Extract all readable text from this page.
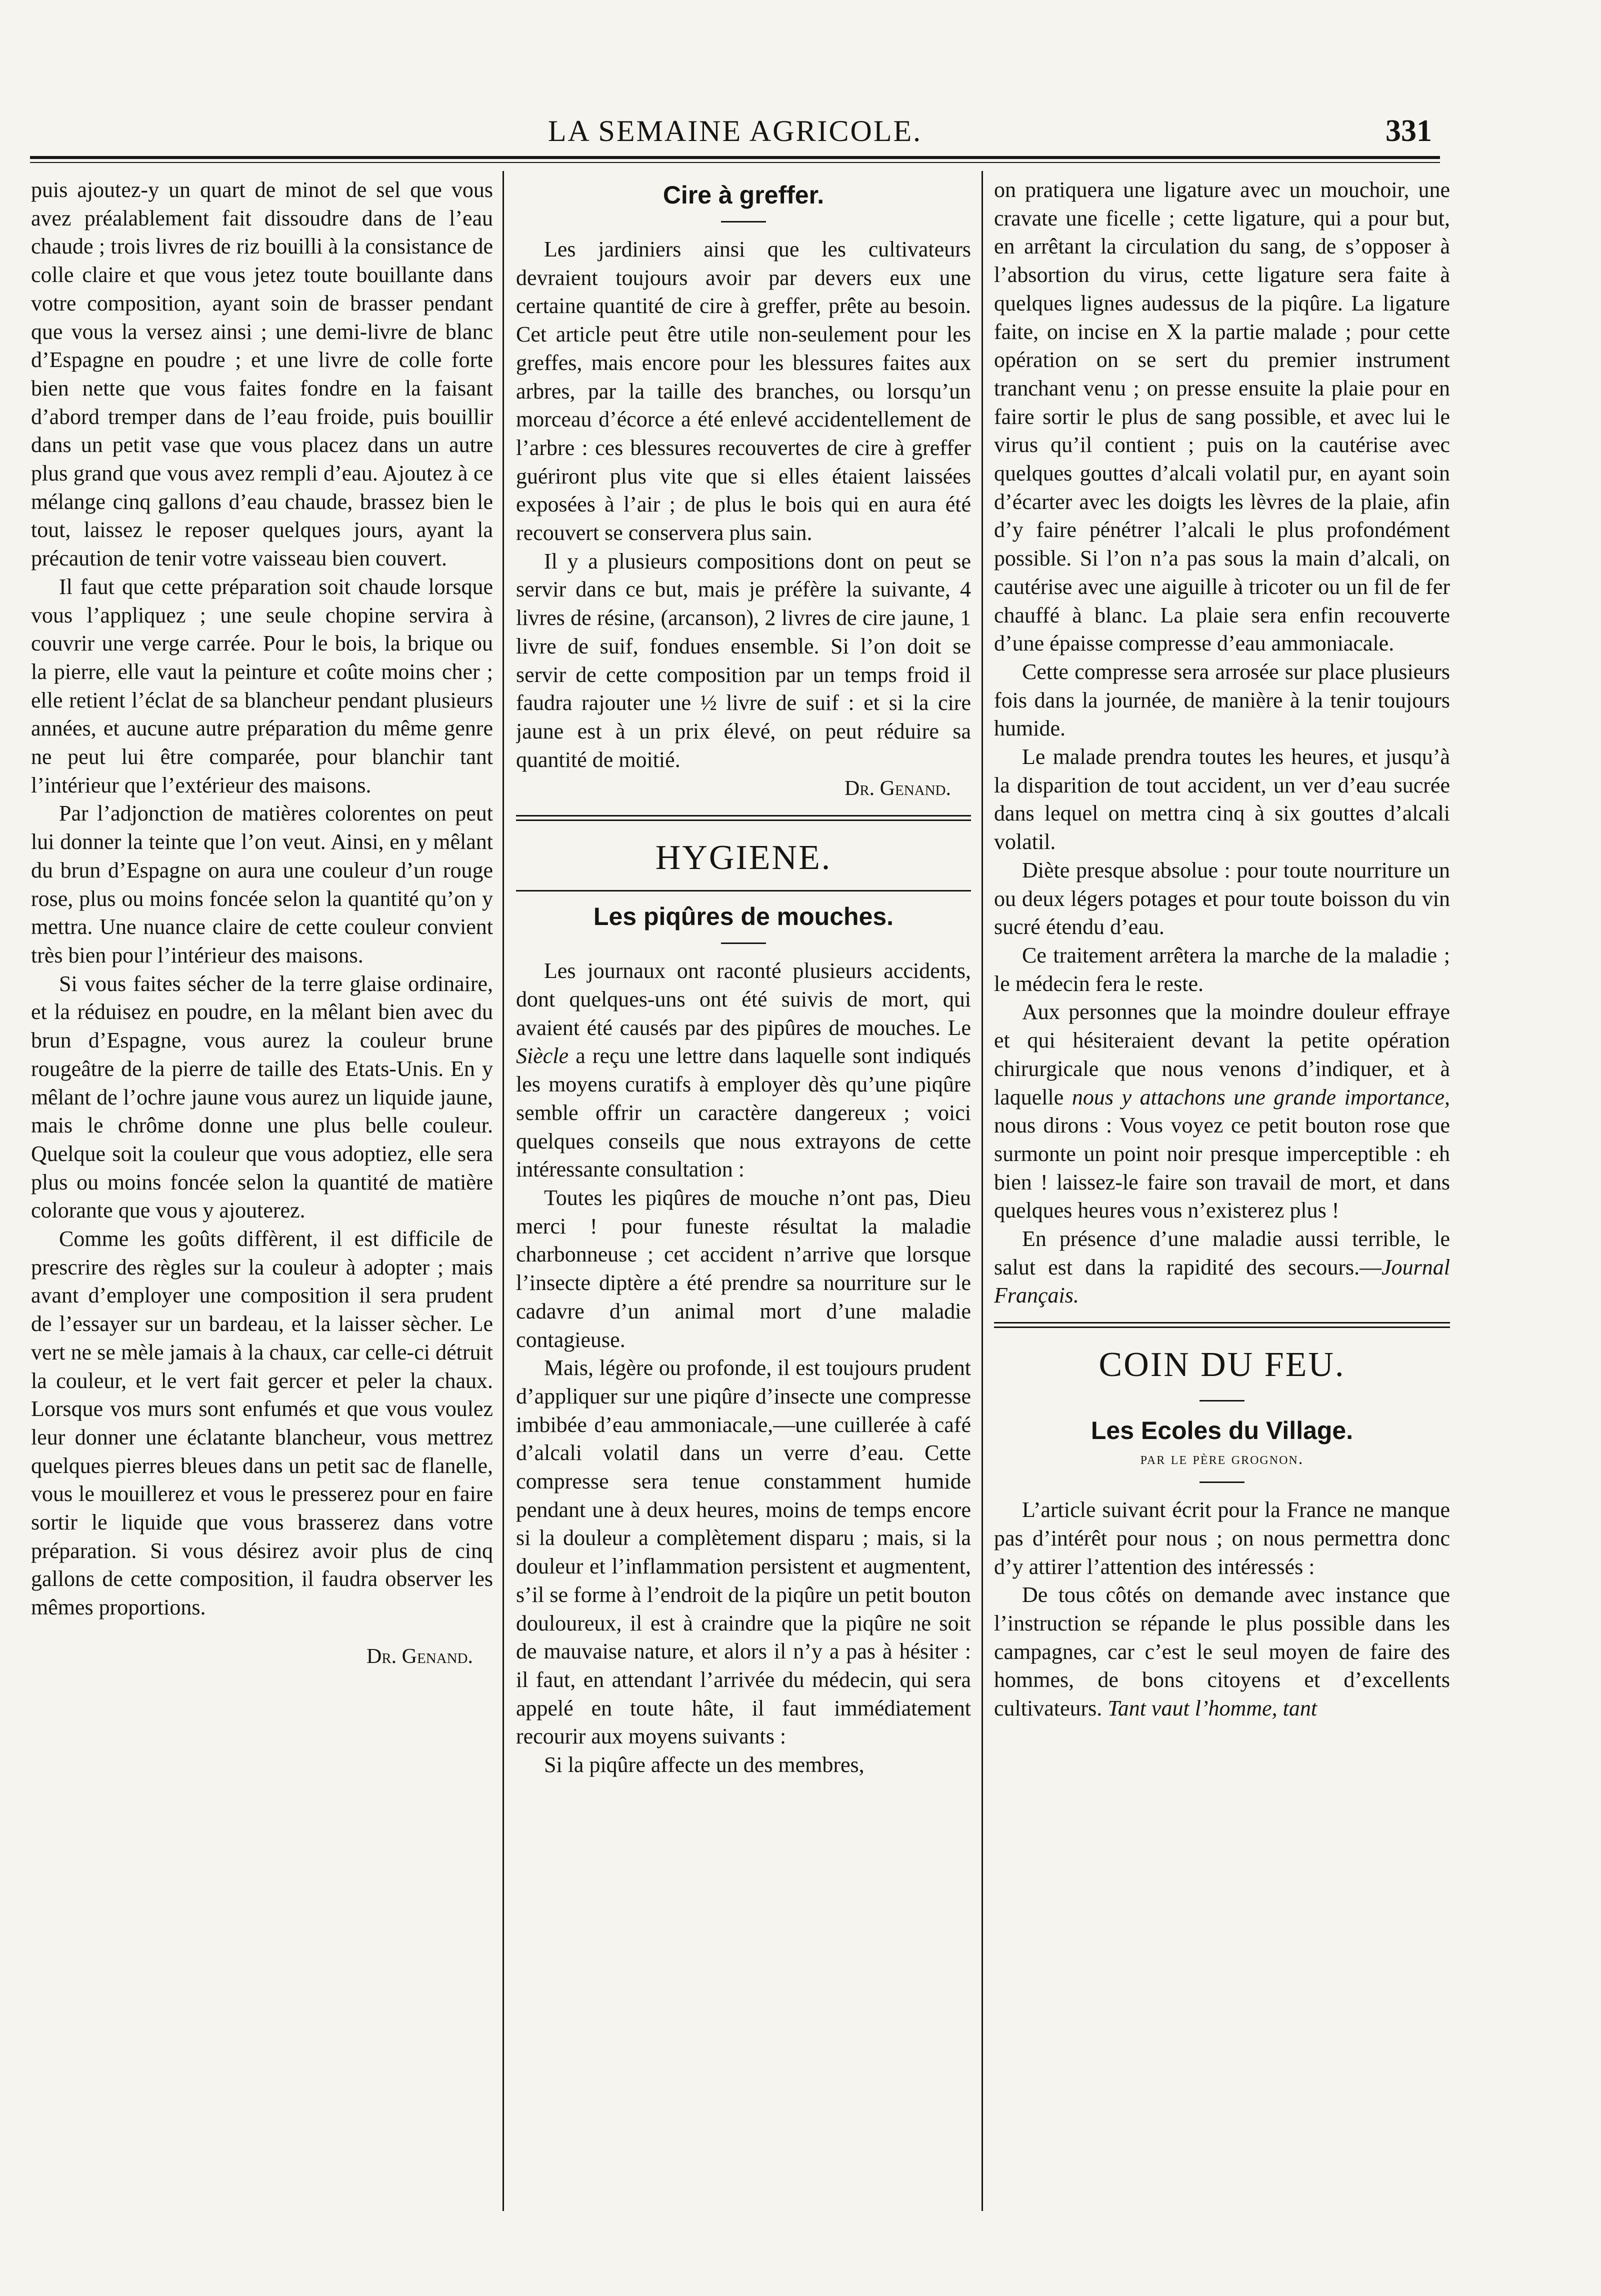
LA SEMAINE AGRICOLE.	331

puis ajoutez-y un quart de minot de sel que vous avez préalablement fait dissoudre dans de l’eau chaude ; trois livres de riz bouilli à la consistance de colle claire et que vous jetez toute bouillante dans votre composition, ayant soin de brasser pendant que vous la versez ainsi ; une demi-livre de blanc d’Espagne en poudre ; et une livre de colle forte bien nette que vous faites fondre en la faisant d’abord tremper dans de l’eau froide, puis bouillir dans un petit vase que vous placez dans un autre plus grand que vous avez rempli d’eau. Ajoutez à ce mélange cinq gallons d’eau chaude, brassez bien le tout, laissez le reposer quelques jours, ayant la précaution de tenir votre vaisseau bien couvert.

Il faut que cette préparation soit chaude lorsque vous l’appliquez ; une seule chopine servira à couvrir une verge carrée. Pour le bois, la brique ou la pierre, elle vaut la peinture et coûte moins cher ; elle retient l’éclat de sa blancheur pendant plusieurs années, et aucune autre préparation du même genre ne peut lui être comparée, pour blanchir tant l’intérieur que l’extérieur des maisons.

Par l’adjonction de matières colorentes on peut lui donner la teinte que l’on veut. Ainsi, en y mêlant du brun d’Espagne on aura une couleur d’un rouge rose, plus ou moins foncée selon la quantité qu’on y mettra. Une nuance claire de cette couleur convient très bien pour l’intérieur des maisons.

Si vous faites sécher de la terre glaise ordinaire, et la réduisez en poudre, en la mêlant bien avec du brun d’Espagne, vous aurez la couleur brune rougeâtre de la pierre de taille des Etats-Unis. En y mêlant de l’ochre jaune vous aurez un liquide jaune, mais le chrôme donne une plus belle couleur. Quelque soit la couleur que vous adoptiez, elle sera plus ou moins foncée selon la quantité de matière colorante que vous y ajouterez.

Comme les goûts diffèrent, il est difficile de prescrire des règles sur la couleur à adopter ; mais avant d’employer une composition il sera prudent de l’essayer sur un bardeau, et la laisser sècher. Le vert ne se mèle jamais à la chaux, car celle-ci détruit la couleur, et le vert fait gercer et peler la chaux. Lorsque vos murs sont enfumés et que vous voulez leur donner une éclatante blancheur, vous mettrez quelques pierres bleues dans un petit sac de flanelle, vous le mouillerez et vous le presserez pour en faire sortir le liquide que vous brasserez dans votre préparation. Si vous désirez avoir plus de cinq gallons de cette composition, il faudra observer les mêmes proportions.

Dr. Genand.
Cire à greffer.

Les jardiniers ainsi que les cultivateurs devraient toujours avoir par devers eux une certaine quantité de cire à greffer, prête au besoin. Cet article peut être utile non-seulement pour les greffes, mais encore pour les blessures faites aux arbres, par la taille des branches, ou lorsqu’un morceau d’écorce a été enlevé accidentellement de l’arbre : ces blessures recouvertes de cire à greffer guériront plus vite que si elles étaient laissées exposées à l’air ; de plus le bois qui en aura été recouvert se conservera plus sain.

Il y a plusieurs compositions dont on peut se servir dans ce but, mais je préfère la suivante, 4 livres de résine, (arcanson), 2 livres de cire jaune, 1 livre de suif, fondues ensemble. Si l’on doit se servir de cette composition par un temps froid il faudra rajouter une ½ livre de suif : et si la cire jaune est à un prix élevé, on peut réduire sa quantité de moitié.

Dr. Genand.
HYGIENE.
Les piqûres de mouches.

Les journaux ont raconté plusieurs accidents, dont quelques-uns ont été suivis de mort, qui avaient été causés par des pipûres de mouches. Le Siècle a reçu une lettre dans laquelle sont indiqués les moyens curatifs à employer dès qu’une piqûre semble offrir un caractère dangereux ; voici quelques conseils que nous extrayons de cette intéressante consultation :

Toutes les piqûres de mouche n’ont pas, Dieu merci ! pour funeste résultat la maladie charbonneuse ; cet accident n’arrive que lorsque l’insecte diptère a été prendre sa nourriture sur le cadavre d’un animal mort d’une maladie contagieuse.

Mais, légère ou profonde, il est toujours prudent d’appliquer sur une piqûre d’insecte une compresse imbibée d’eau ammoniacale,—une cuillerée à café d’alcali volatil dans un verre d’eau. Cette compresse sera tenue constamment humide pendant une à deux heures, moins de temps encore si la douleur a complètement disparu ; mais, si la douleur et l’inflammation persistent et augmentent, s’il se forme à l’endroit de la piqûre un petit bouton douloureux, il est à craindre que la piqûre ne soit de mauvaise nature, et alors il n’y a pas à hésiter : il faut, en attendant l’arrivée du médecin, qui sera appelé en toute hâte, il faut immédiatement recourir aux moyens suivants :

Si la piqûre affecte un des membres,

on pratiquera une ligature avec un mouchoir, une cravate une ficelle ; cette ligature, qui a pour but, en arrêtant la circulation du sang, de s’opposer à l’absortion du virus, cette ligature sera faite à quelques lignes audessus de la piqûre. La ligature faite, on incise en X la partie malade ; pour cette opération on se sert du premier instrument tranchant venu ; on presse ensuite la plaie pour en faire sortir le plus de sang possible, et avec lui le virus qu’il contient ; puis on la cautérise avec quelques gouttes d’alcali volatil pur, en ayant soin d’écarter avec les doigts les lèvres de la plaie, afin d’y faire pénétrer l’alcali le plus profondément possible. Si l’on n’a pas sous la main d’alcali, on cautérise avec une aiguille à tricoter ou un fil de fer chauffé à blanc. La plaie sera enfin recouverte d’une épaisse compresse d’eau ammoniacale.

Cette compresse sera arrosée sur place plusieurs fois dans la journée, de manière à la tenir toujours humide.

Le malade prendra toutes les heures, et jusqu’à la disparition de tout accident, un ver d’eau sucrée dans lequel on mettra cinq à six gouttes d’alcali volatil.

Diète presque absolue : pour toute nourriture un ou deux légers potages et pour toute boisson du vin sucré étendu d’eau.

Ce traitement arrêtera la marche de la maladie ; le médecin fera le reste.

Aux personnes que la moindre douleur effraye et qui hésiteraient devant la petite opération chirurgicale que nous venons d’indiquer, et à laquelle nous y attachons une grande importance, nous dirons : Vous voyez ce petit bouton rose que surmonte un point noir presque imperceptible : eh bien ! laissez-le faire son travail de mort, et dans quelques heures vous n’existerez plus !

En présence d’une maladie aussi terrible, le salut est dans la rapidité des secours.—Journal Français.

COIN DU FEU.
Les Ecoles du Village.
par le père grognon.

L’article suivant écrit pour la France ne manque pas d’intérêt pour nous ; on nous permettra donc d’y attirer l’attention des intéressés :

De tous côtés on demande avec instance que l’instruction se répande le plus possible dans les campagnes, car c’est le seul moyen de faire des hommes, de bons citoyens et d’excellents cultivateurs. Tant vaut l’homme, tant
